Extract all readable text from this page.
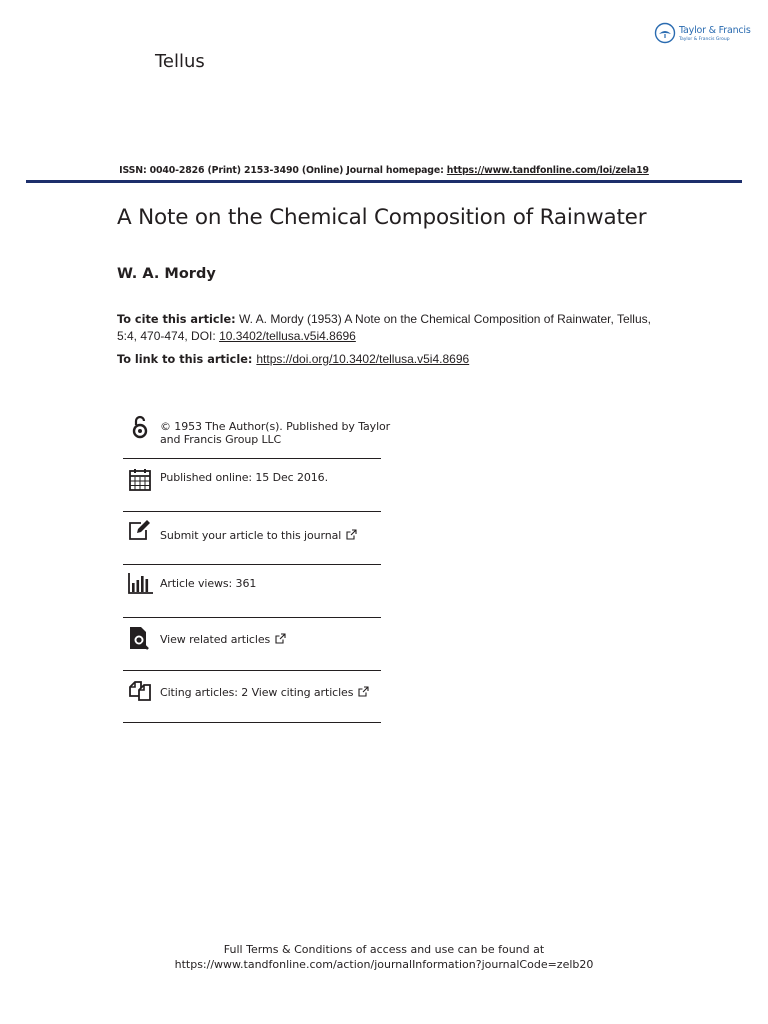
Taylor & Francis
Taylor & Francis Group
Tellus
ISSN: 0040-2826 (Print) 2153-3490 (Online) Journal homepage: https://www.tandfonline.com/loi/zela19
A Note on the Chemical Composition of Rainwater
W. A. Mordy
To cite this article: W. A. Mordy (1953) A Note on the Chemical Composition of Rainwater, Tellus, 5:4, 470-474, DOI: 10.3402/tellusa.v5i4.8696
To link to this article: https://doi.org/10.3402/tellusa.v5i4.8696
© 1953 The Author(s). Published by Taylor
and Francis Group LLC
Published online: 15 Dec 2016.
Submit your article to this journal
Article views: 361
View related articles
Citing articles: 2 View citing articles
Full Terms & Conditions of access and use can be found at
https://www.tandfonline.com/action/journalInformation?journalCode=zelb20
